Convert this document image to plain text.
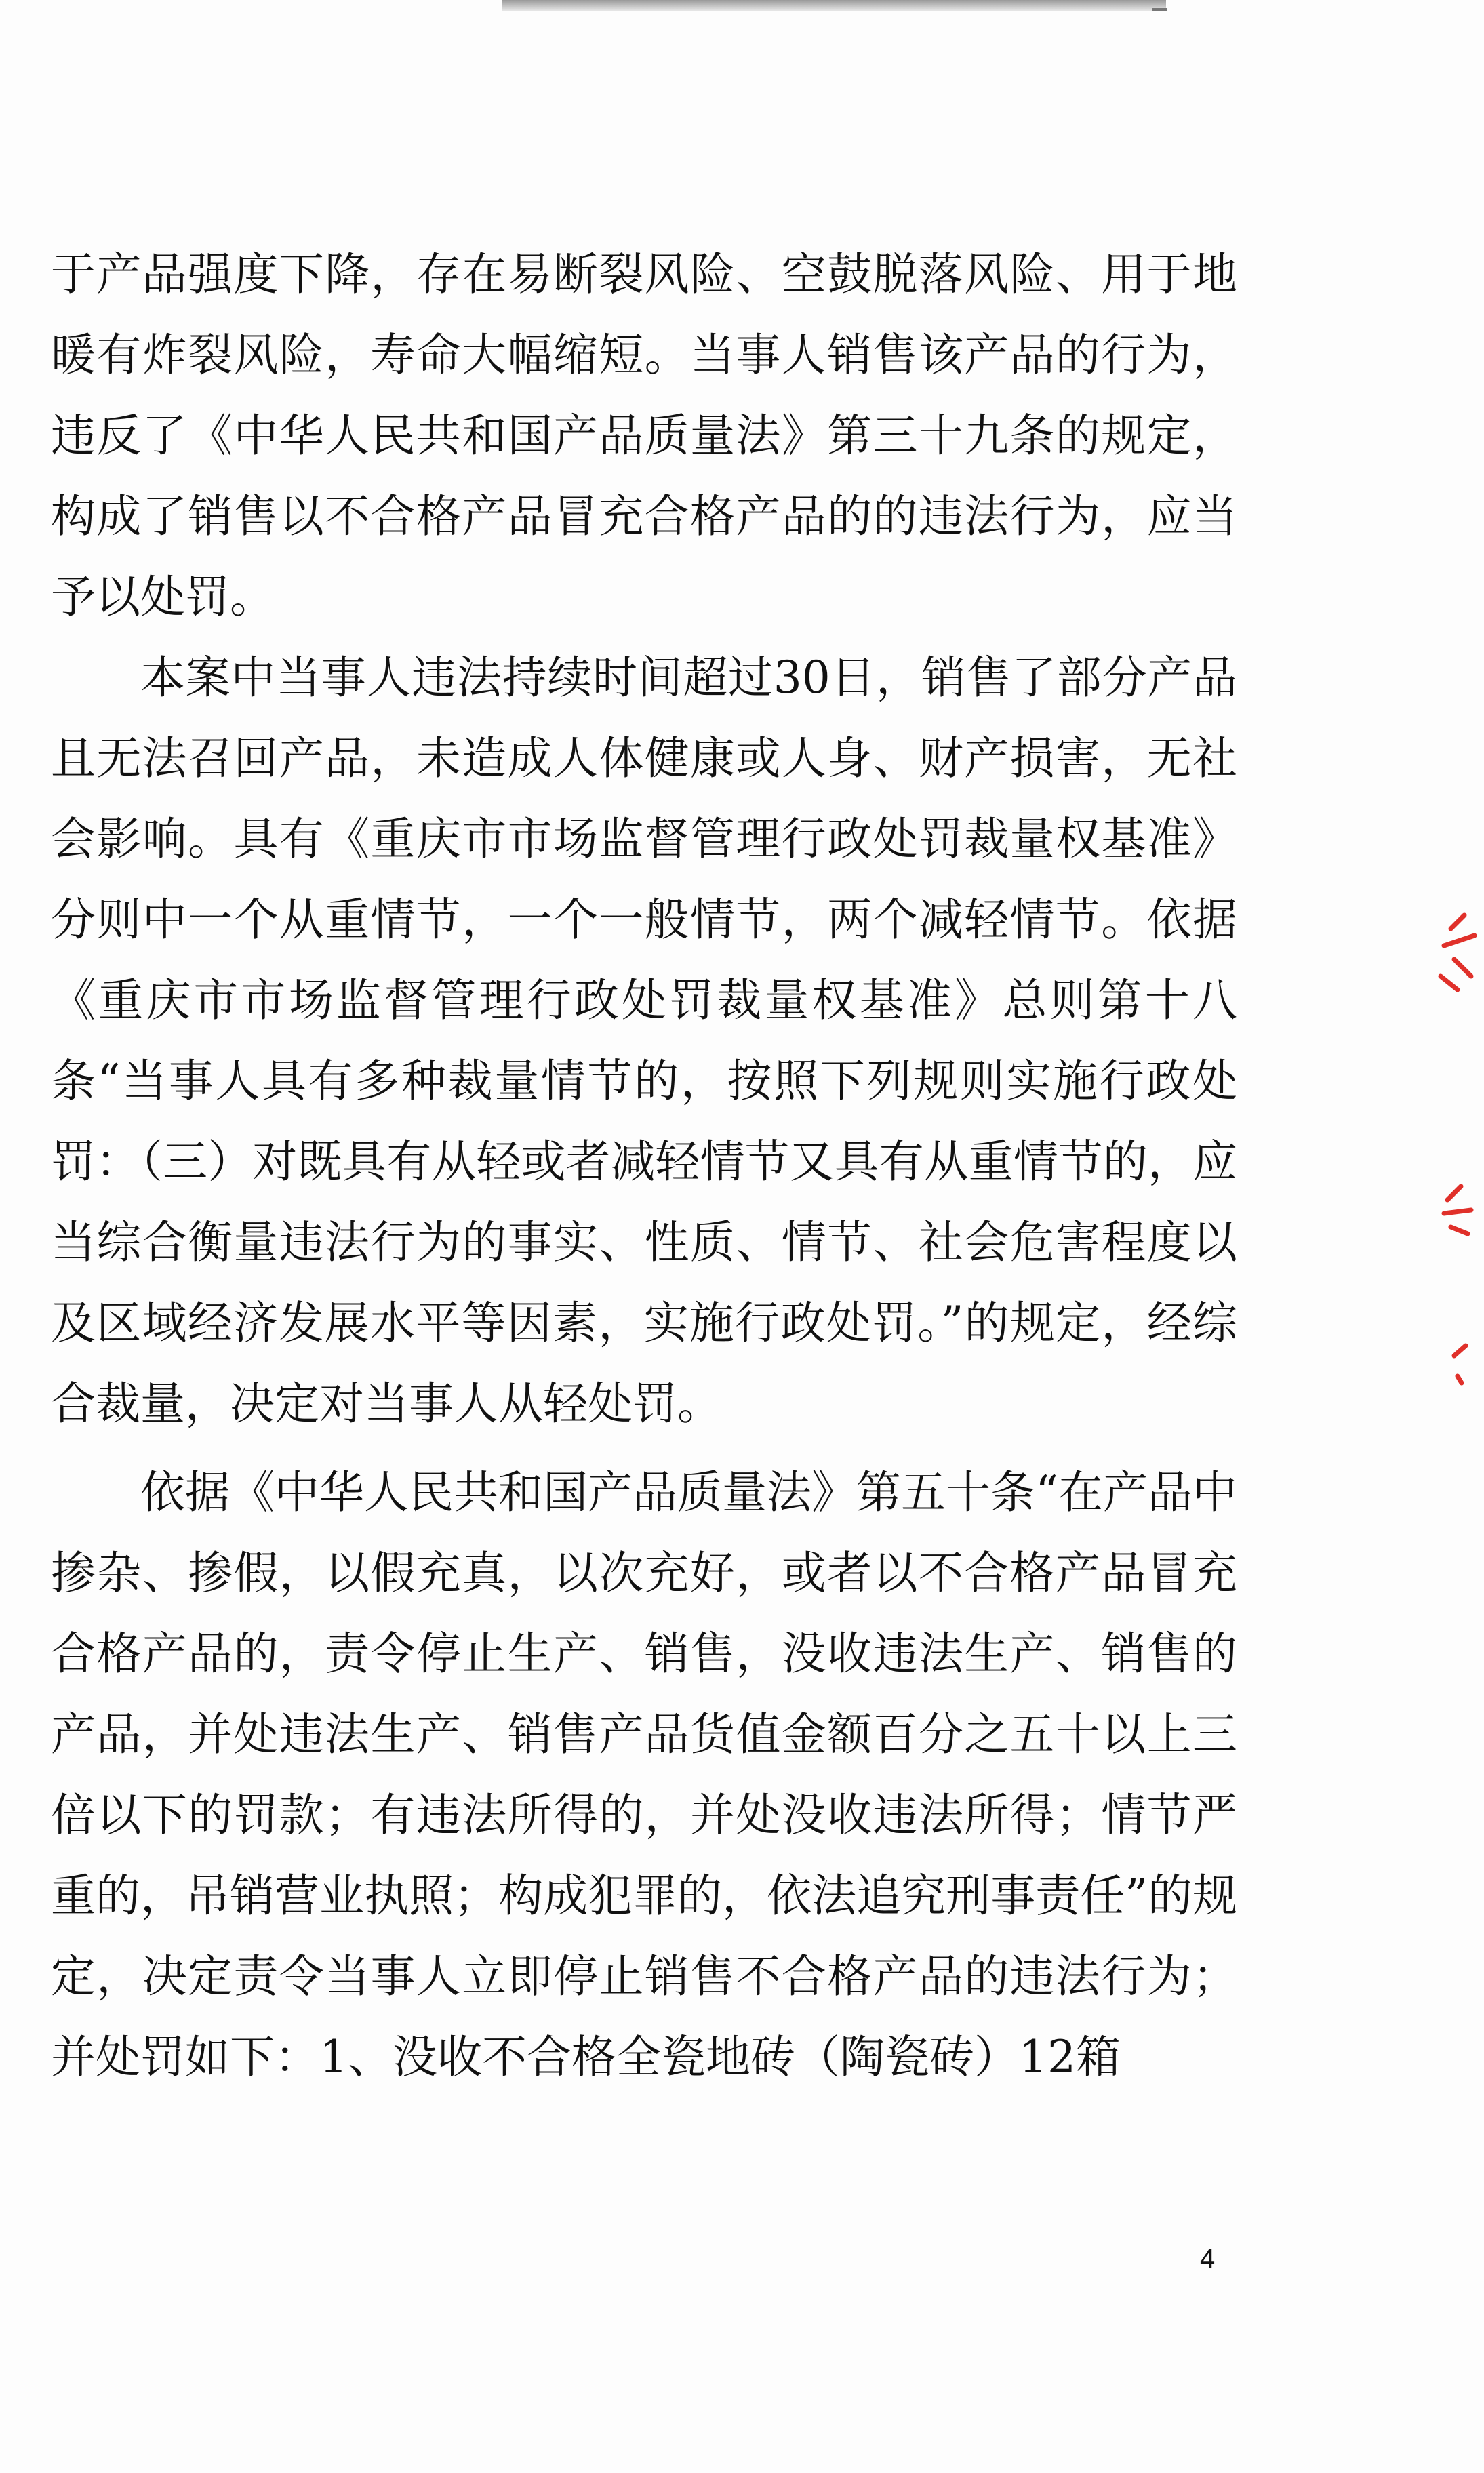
于产品强度下降，存在易断裂风险、空鼓脱落风险、用于地暖有炸裂风险，寿命大幅缩短。当事人销售该产品的行为，违反了《中华人民共和国产品质量法》第三十九条的规定，构成了销售以不合格产品冒充合格产品的的违法行为，应当予以处罚。

本案中当事人违法持续时间超过30日，销售了部分产品且无法召回产品，未造成人体健康或人身、财产损害，无社会影响。具有《重庆市市场监督管理行政处罚裁量权基准》分则中一个从重情节，一个一般情节，两个减轻情节。依据《重庆市市场监督管理行政处罚裁量权基准》总则第十八条“当事人具有多种裁量情节的，按照下列规则实施行政处罚：（三）对既具有从轻或者减轻情节又具有从重情节的，应当综合衡量违法行为的事实、性质、情节、社会危害程度以及区域经济发展水平等因素，实施行政处罚。”的规定，经综合裁量，决定对当事人从轻处罚。

依据《中华人民共和国产品质量法》第五十条“在产品中掺杂、掺假，以假充真，以次充好，或者以不合格产品冒充合格产品的，责令停止生产、销售，没收违法生产、销售的产品，并处违法生产、销售产品货值金额百分之五十以上三倍以下的罚款；有违法所得的，并处没收违法所得；情节严重的，吊销营业执照；构成犯罪的，依法追究刑事责任”的规定，决定责令当事人立即停止销售不合格产品的违法行为；并处罚如下：1、没收不合格全瓷地砖（陶瓷砖）12箱

4
